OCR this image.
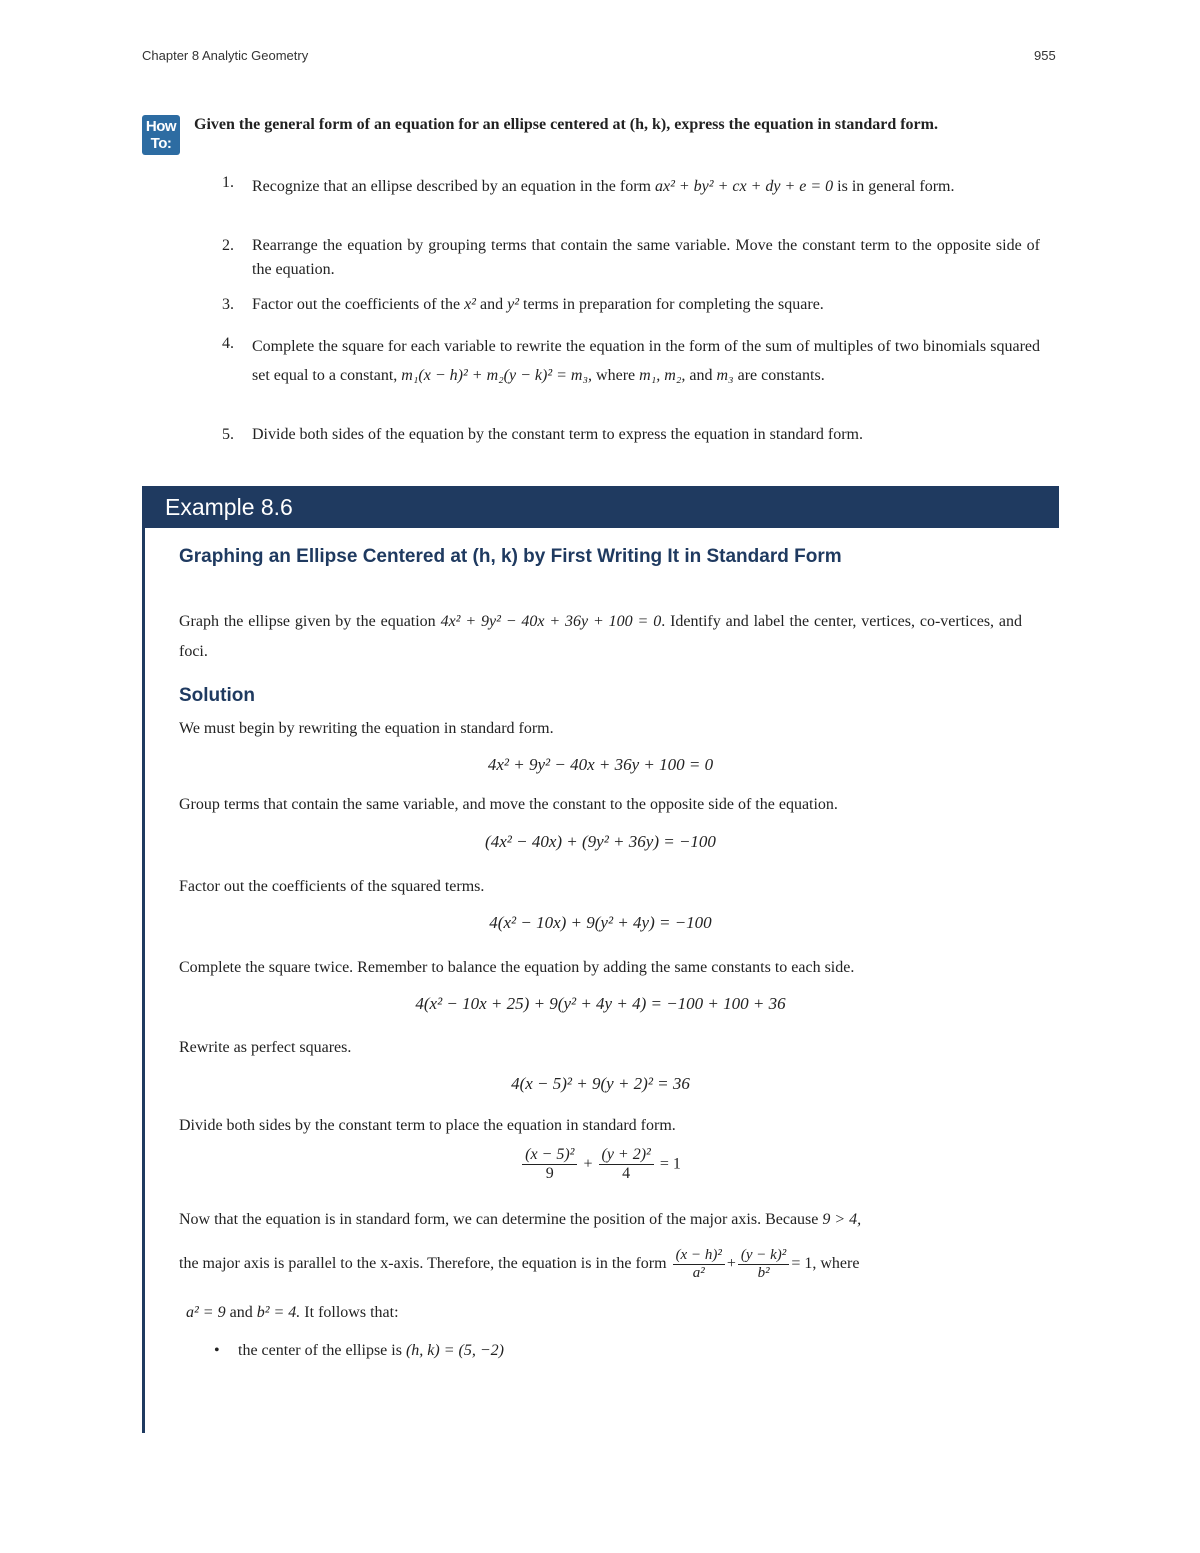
Chapter 8 Analytic Geometry	955
How
To:
Given the general form of an equation for an ellipse centered at (h, k), express the equation in standard form.
1. Recognize that an ellipse described by an equation in the form ax² + by² + cx + dy + e = 0 is in general form.
2. Rearrange the equation by grouping terms that contain the same variable. Move the constant term to the opposite side of the equation.
3. Factor out the coefficients of the x² and y² terms in preparation for completing the square.
4. Complete the square for each variable to rewrite the equation in the form of the sum of multiples of two binomials squared set equal to a constant, m₁(x − h)² + m₂(y − k)² = m₃, where m₁, m₂, and m₃ are constants.
5. Divide both sides of the equation by the constant term to express the equation in standard form.
Example 8.6
Graphing an Ellipse Centered at (h, k) by First Writing It in Standard Form
Graph the ellipse given by the equation 4x² + 9y² − 40x + 36y + 100 = 0. Identify and label the center, vertices, co-vertices, and foci.
Solution
We must begin by rewriting the equation in standard form.
4x² + 9y² − 40x + 36y + 100 = 0
Group terms that contain the same variable, and move the constant to the opposite side of the equation.
(4x² − 40x) + (9y² + 36y) = −100
Factor out the coefficients of the squared terms.
4(x² − 10x) + 9(y² + 4y) = −100
Complete the square twice. Remember to balance the equation by adding the same constants to each side.
4(x² − 10x + 25) + 9(y² + 4y + 4) = −100 + 100 + 36
Rewrite as perfect squares.
4(x − 5)² + 9(y + 2)² = 36
Divide both sides by the constant term to place the equation in standard form.
$\frac{\text{(x − 5)²}}{9} + \frac{\text{(y + 2)²}}{4} = 1$
Now that the equation is in standard form, we can determine the position of the major axis. Because 9 > 4,
the major axis is parallel to the x-axis. Therefore, the equation is in the form $\frac{\text{(x − h)²}}{\text{a²}} + \frac{\text{(y − k)²}}{\text{b²}} = 1$, where
a² = 9 and b² = 4. It follows that:
• the center of the ellipse is (h, k) = (5, −2)
